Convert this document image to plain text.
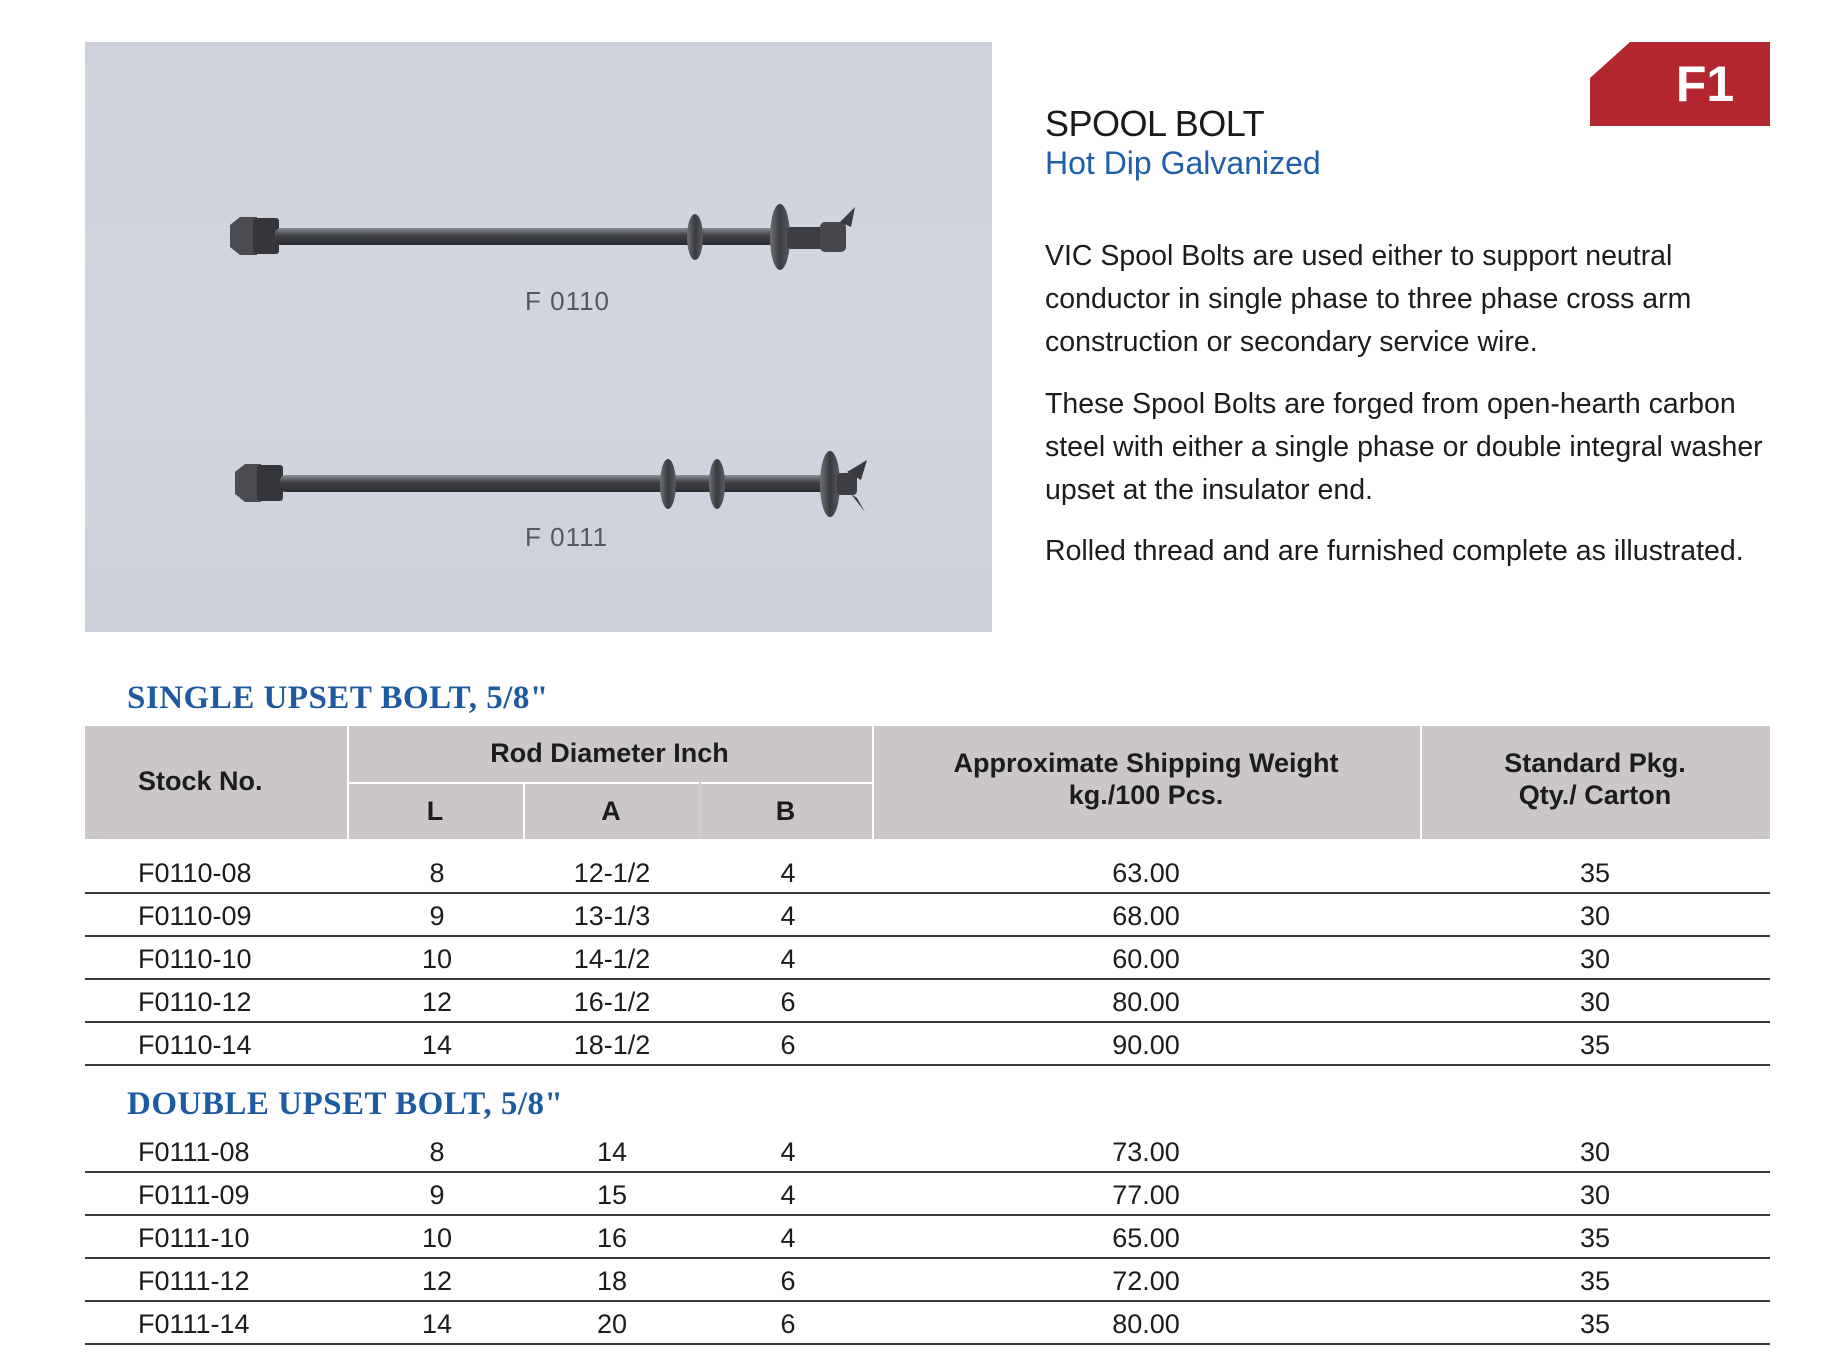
F 0110
F 0111
F1
SPOOL BOLT
Hot Dip Galvanized
VIC Spool Bolts are used either to support neutral conductor in single phase to three phase cross arm construction or secondary service wire.
These Spool Bolts are forged from open-hearth carbon steel with either a single phase or double integral washer upset at the insulator end.
Rolled thread and are furnished complete as illustrated.
SINGLE UPSET BOLT, 5/8"
Stock No.
Rod Diameter Inch
L	A	B
Approximate Shipping Weight
kg./100 Pcs.
Standard Pkg.
Qty./ Carton
F0110-08	8	12-1/2	4	63.00	35
F0110-09	9	13-1/3	4	68.00	30
F0110-10	10	14-1/2	4	60.00	30
F0110-12	12	16-1/2	6	80.00	30
F0110-14	14	18-1/2	6	90.00	35
DOUBLE UPSET BOLT, 5/8"
F0111-08	8	14	4	73.00	30
F0111-09	9	15	4	77.00	30
F0111-10	10	16	4	65.00	35
F0111-12	12	18	6	72.00	35
F0111-14	14	20	6	80.00	35
